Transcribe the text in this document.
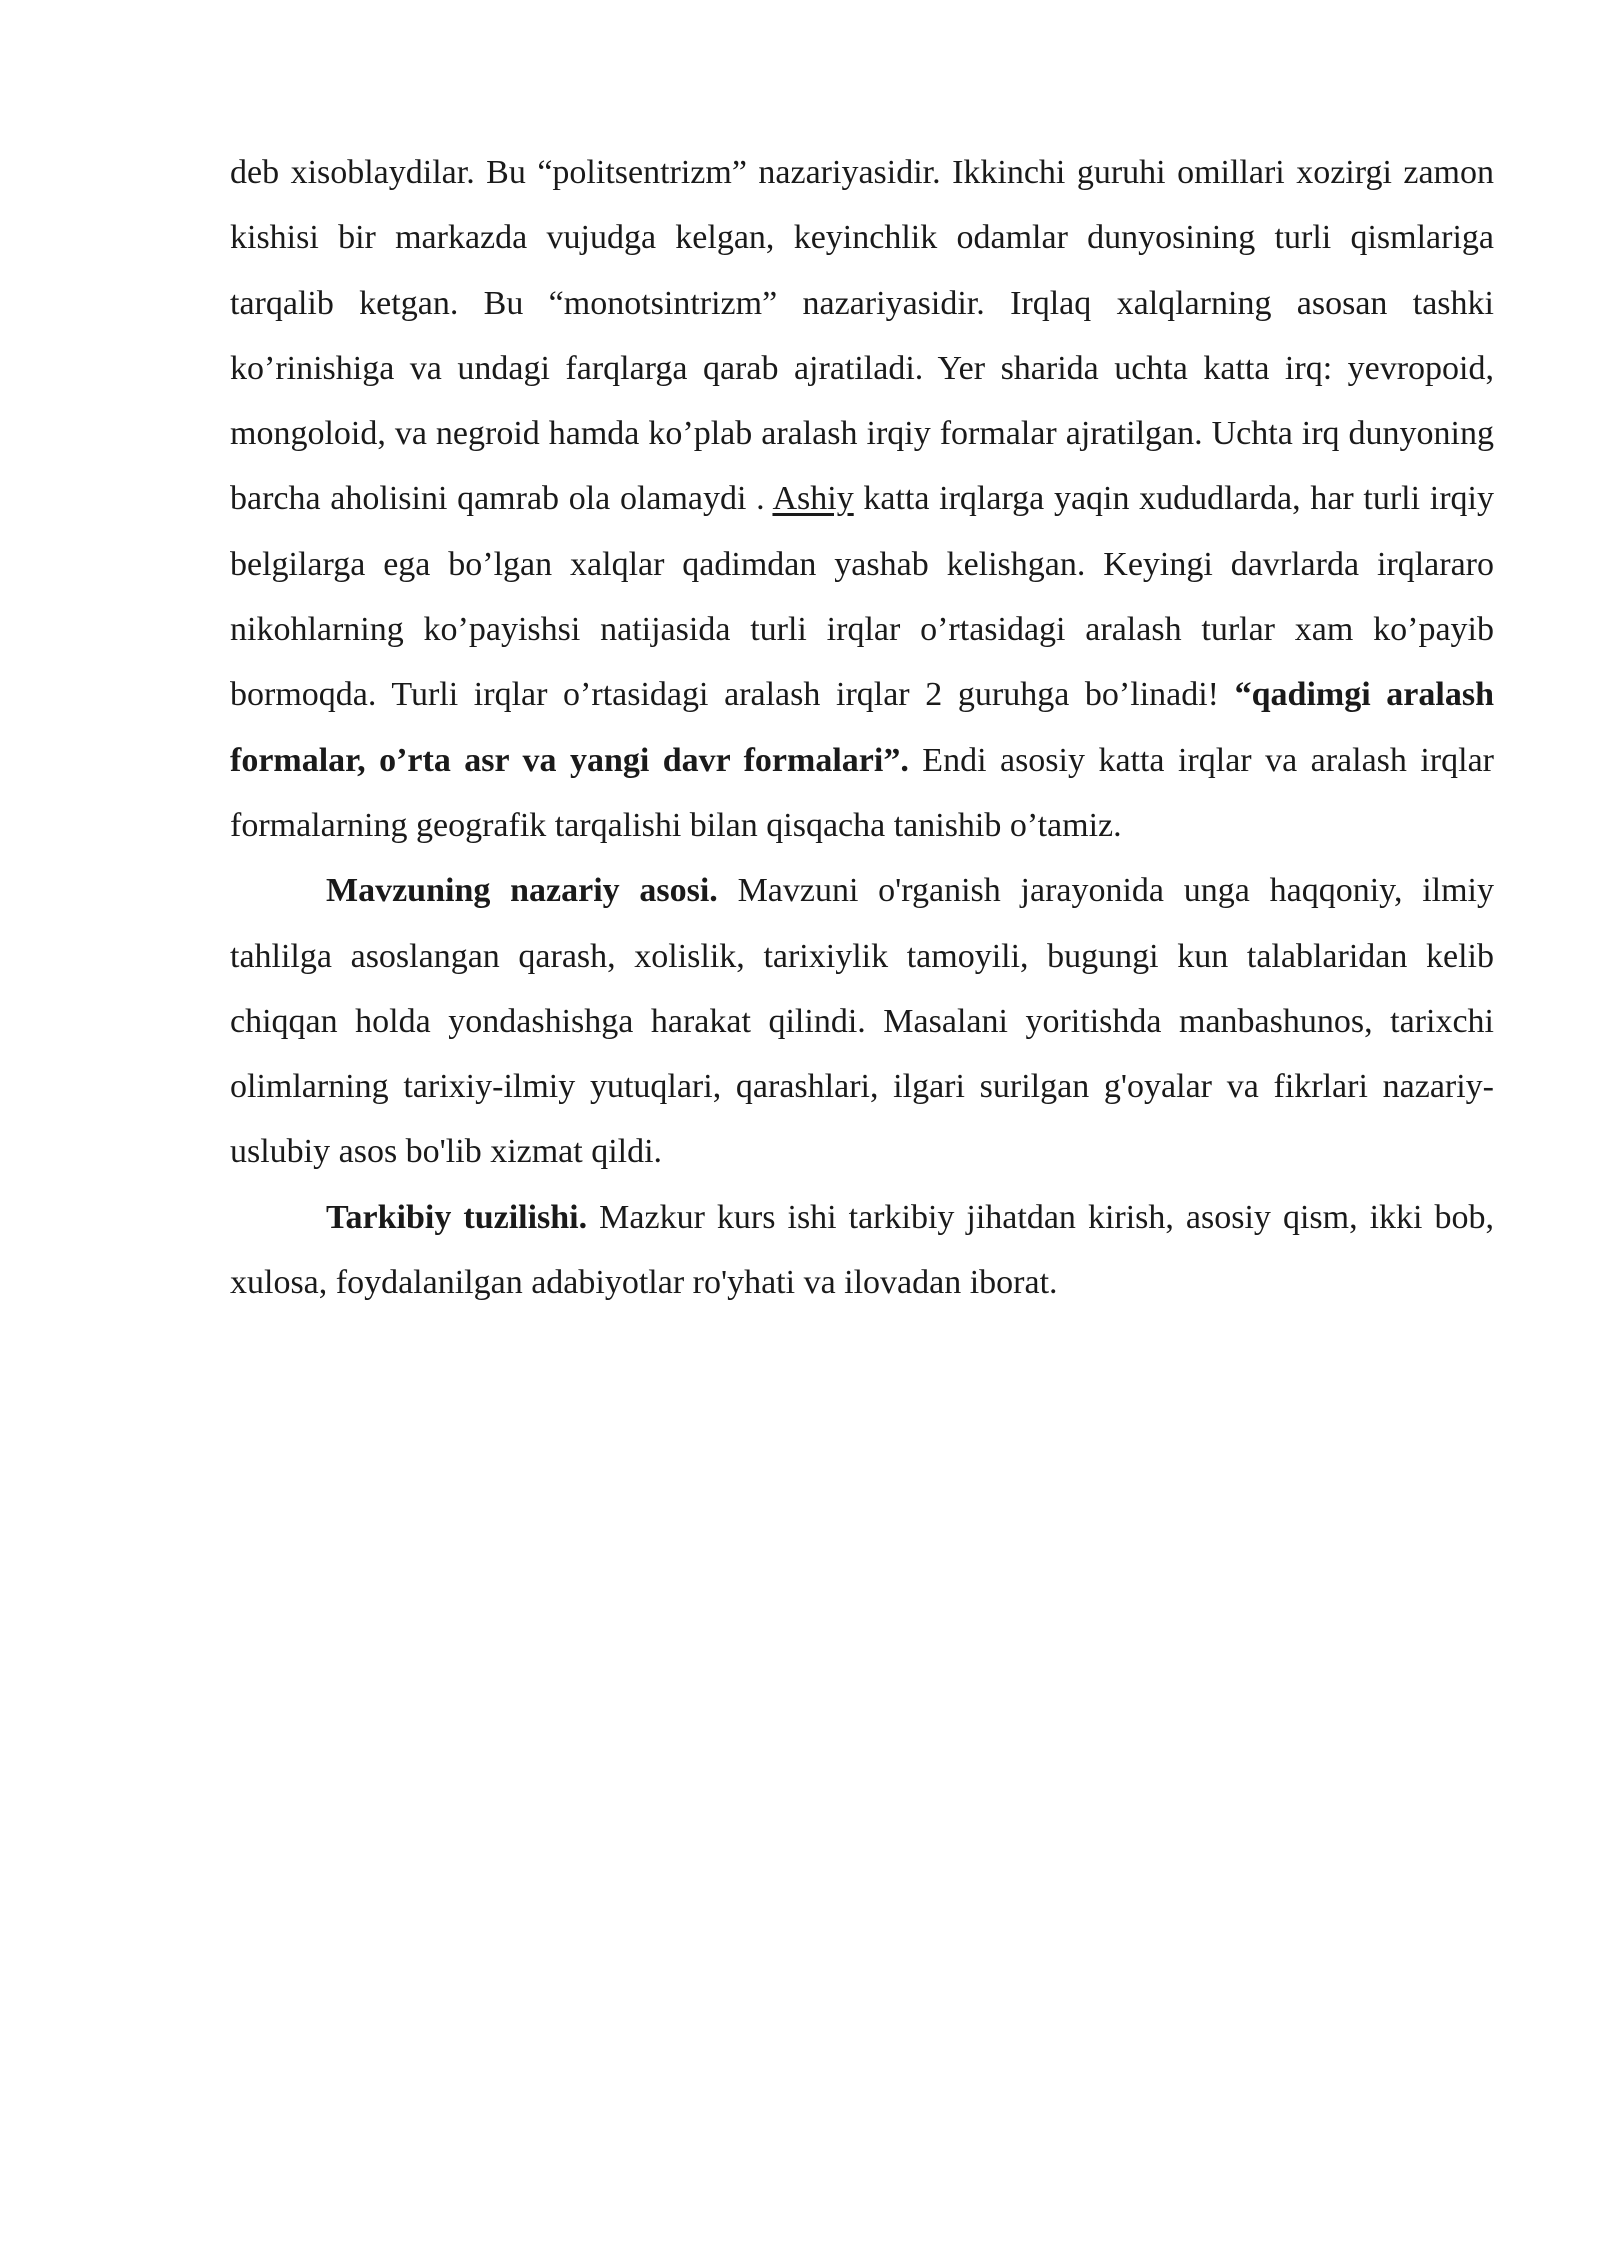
deb xisoblaydilar. Bu “politsentrizm” nazariyasidir. Ikkinchi guruhi omillari xozirgi zamon kishisi bir markazda vujudga kelgan, keyinchlik odamlar dunyosining turli qismlariga tarqalib ketgan. Bu “monotsintrizm” nazariyasidir. Irqlaq xalqlarning asosan tashki ko’rinishiga va undagi farqlarga qarab ajratiladi. Yer sharida uchta katta irq: yevropoid, mongoloid, va negroid hamda ko’plab aralash irqiy formalar ajratilgan. Uchta irq dunyoning barcha aholisini qamrab ola olamaydi . Ashiy katta irqlarga yaqin xududlarda, har turli irqiy belgilarga ega bo’lgan xalqlar qadimdan yashab kelishgan. Keyingi davrlarda irqlararo nikohlarning ko’payishsi natijasida turli irqlar o’rtasidagi aralash turlar xam ko’payib bormoqda. Turli irqlar o’rtasidagi aralash irqlar 2 guruhga bo’linadi! “qadimgi aralash formalar, o’rta asr va yangi davr formalari”. Endi asosiy katta irqlar va aralash irqlar formalarning geografik tarqalishi bilan qisqacha tanishib o’tamiz.

Mavzuning nazariy asosi. Mavzuni o'rganish jarayonida unga haqqoniy, ilmiy tahlilga asoslangan qarash, xolislik, tarixiylik tamoyili, bugungi kun talablaridan kelib chiqqan holda yondashishga harakat qilindi. Masalani yoritishda manbashunos, tarixchi olimlarning tarixiy-ilmiy yutuqlari, qarashlari, ilgari surilgan g'oyalar va fikrlari nazariy- uslubiy asos bo'lib xizmat qildi.

Tarkibiy tuzilishi. Mazkur kurs ishi tarkibiy jihatdan kirish, asosiy qism, ikki bob, xulosa, foydalanilgan adabiyotlar ro'yhati va ilovadan iborat.
